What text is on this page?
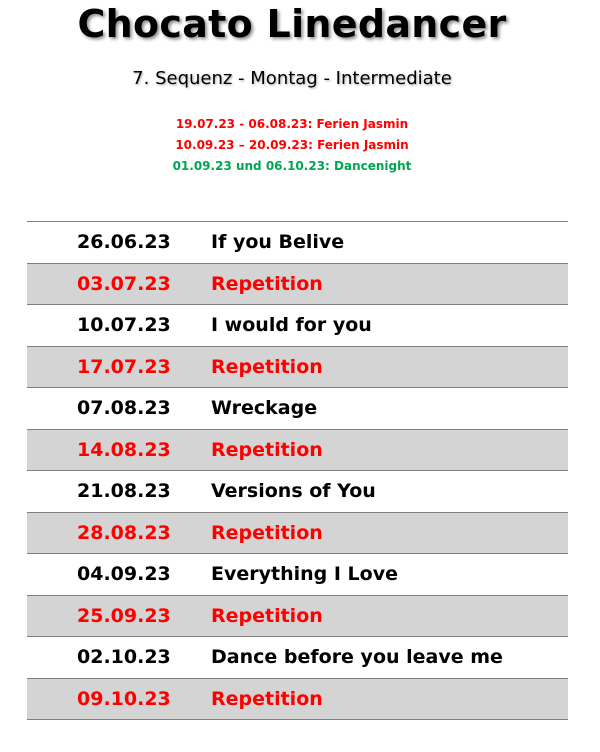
Chocato Linedancer
7. Sequenz - Montag - Intermediate
19.07.23 - 06.08.23: Ferien Jasmin
10.09.23 – 20.09.23: Ferien Jasmin
01.09.23 und 06.10.23: Dancenight
26.06.23 If you Belive
03.07.23 Repetition
10.07.23 I would for you
17.07.23 Repetition
07.08.23 Wreckage
14.08.23 Repetition
21.08.23 Versions of You
28.08.23 Repetition
04.09.23 Everything I Love
25.09.23 Repetition
02.10.23 Dance before you leave me
09.10.23 Repetition
